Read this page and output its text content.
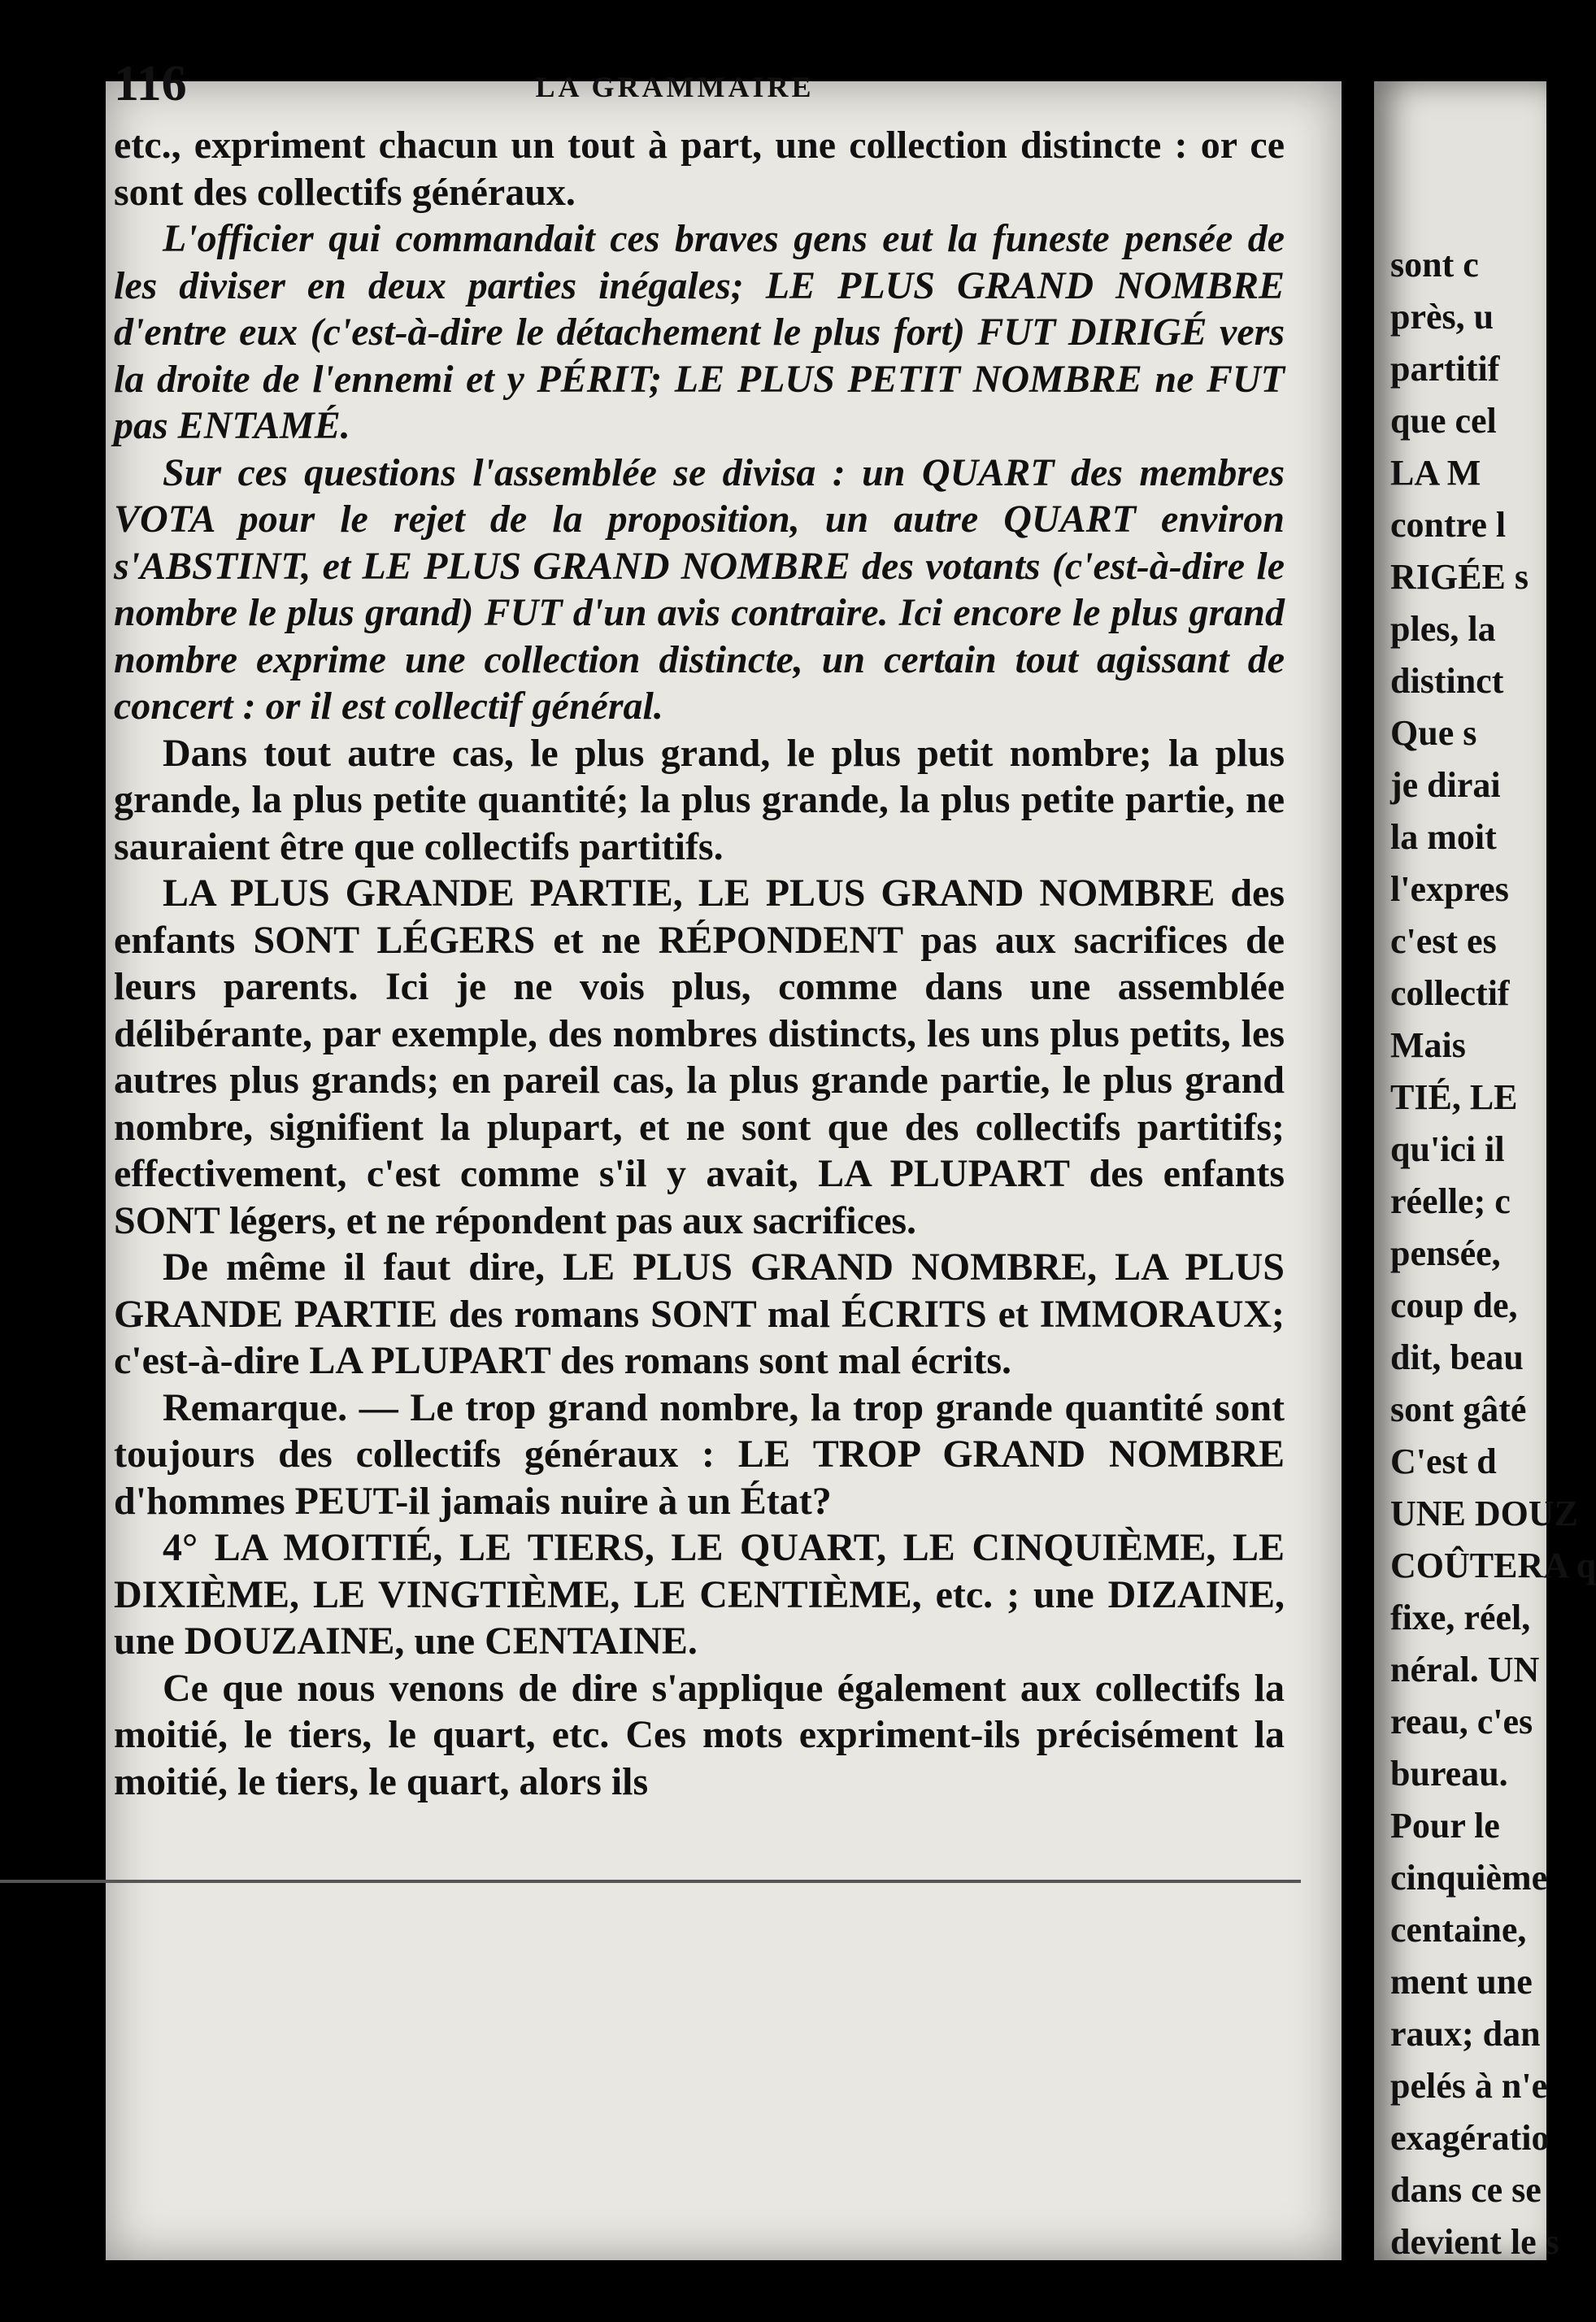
sont c
près, u
partitif
que cel
LA M
contre l
RIGÉE s
ples, la
distinct
Que s
je dirai
la moit
l'expres
c'est es
collectif
Mais
TIÉ, LE
qu'ici il
réelle; c
pensée,
coup de,
dit, beau
sont gâté
C'est d
UNE DOUZ
COÛTERA q
fixe, réel,
néral. UN
reau, c'es
bureau.
Pour le
cinquième
centaine,
ment une
raux; dan
pelés à n'e
exagératio
dans ce se
devient le s
116	LA GRAMMAIRE

etc., expriment chacun un tout à part, une collection distincte : or ce sont des collectifs généraux.

L'officier qui commandait ces braves gens eut la funeste pensée de les diviser en deux parties inégales; LE PLUS GRAND NOMBRE d'entre eux (c'est-à-dire le détachement le plus fort) FUT DIRIGÉ vers la droite de l'ennemi et y PÉRIT; LE PLUS PETIT NOMBRE ne FUT pas ENTAMÉ.

Sur ces questions l'assemblée se divisa : un QUART des membres VOTA pour le rejet de la proposition, un autre QUART environ s'ABSTINT, et LE PLUS GRAND NOMBRE des votants (c'est-à-dire le nombre le plus grand) FUT d'un avis contraire. Ici encore le plus grand nombre exprime une collection distincte, un certain tout agissant de concert : or il est collectif général.

Dans tout autre cas, le plus grand, le plus petit nombre; la plus grande, la plus petite quantité; la plus grande, la plus petite partie, ne sauraient être que collectifs partitifs.

LA PLUS GRANDE PARTIE, LE PLUS GRAND NOMBRE des enfants SONT LÉGERS et ne RÉPONDENT pas aux sacrifices de leurs parents. Ici je ne vois plus, comme dans une assemblée délibérante, par exemple, des nombres distincts, les uns plus petits, les autres plus grands; en pareil cas, la plus grande partie, le plus grand nombre, signifient la plupart, et ne sont que des collectifs partitifs; effectivement, c'est comme s'il y avait, LA PLUPART des enfants SONT légers, et ne répondent pas aux sacrifices.

De même il faut dire, LE PLUS GRAND NOMBRE, LA PLUS GRANDE PARTIE des romans SONT mal ÉCRITS et IMMORAUX; c'est-à-dire LA PLUPART des romans sont mal écrits.

Remarque. — Le trop grand nombre, la trop grande quantité sont toujours des collectifs généraux : LE TROP GRAND NOMBRE d'hommes PEUT-il jamais nuire à un État?

4° LA MOITIÉ, LE TIERS, LE QUART, LE CINQUIÈME, LE DIXIÈME, LE VINGTIÈME, LE CENTIÈME, etc. ; une DIZAINE, une DOUZAINE, une CENTAINE.

Ce que nous venons de dire s'applique également aux collectifs la moitié, le tiers, le quart, etc. Ces mots expriment-ils précisément la moitié, le tiers, le quart, alors ils
